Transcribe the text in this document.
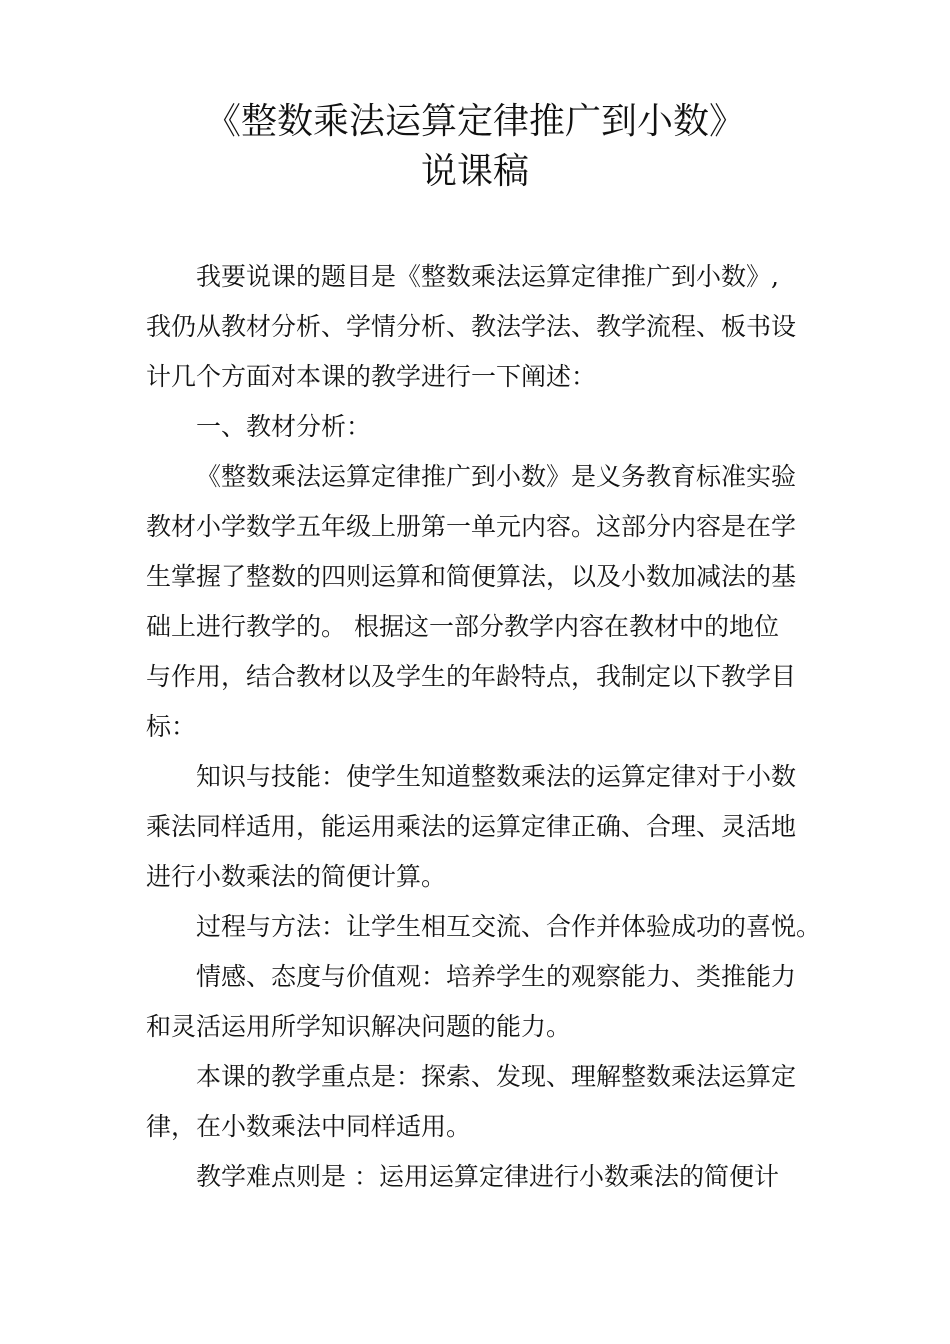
《整数乘法运算定律推广到小数》
说课稿
我要说课的题目是《整数乘法运算定律推广到小数》,
我仍从教材分析、学情分析、教法学法、教学流程、板书设
计几个方面对本课的教学进行一下阐述：
一、教材分析：
《整数乘法运算定律推广到小数》是义务教育标准实验
教材小学数学五年级上册第一单元内容。这部分内容是在学
生掌握了整数的四则运算和简便算法，以及小数加减法的基
础上进行教学的。 根据这一部分教学内容在教材中的地位
与作用，结合教材以及学生的年龄特点，我制定以下教学目
标：
知识与技能：使学生知道整数乘法的运算定律对于小数
乘法同样适用，能运用乘法的运算定律正确、合理、灵活地
进行小数乘法的简便计算。
过程与方法：让学生相互交流、合作并体验成功的喜悦。
情感、态度与价值观：培养学生的观察能力、类推能力
和灵活运用所学知识解决问题的能力。
本课的教学重点是：探索、发现、理解整数乘法运算定
律，在小数乘法中同样适用。
教学难点则是 ：运用运算定律进行小数乘法的简便计
